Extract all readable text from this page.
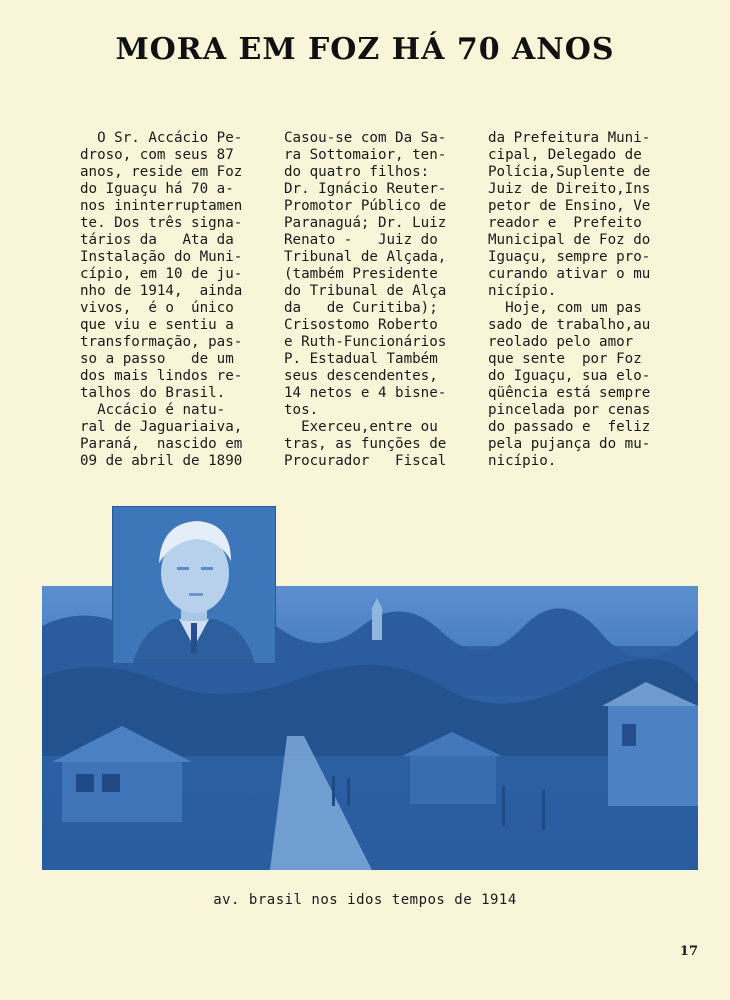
MORA EM FOZ HÁ 70 ANOS
O Sr. Accácio Pe-
droso, com seus 87
anos, reside em Foz
do Iguaçu há 70 a-
nos ininterruptamen
te. Dos três signa-
tários da   Ata da
Instalação do Muni-
cípio, em 10 de ju-
nho de 1914,  ainda
vivos,  é o  único
que viu e sentiu a
transformação, pas-
so a passo   de um
dos mais lindos re-
talhos do Brasil.
Accácio é natu-
ral de Jaguariaiva,
Paraná,  nascido em
09 de abril de 1890
Casou-se com Da Sa-
ra Sottomaior, ten-
do quatro filhos:
Dr. Ignácio Reuter-
Promotor Público de
Paranaguá; Dr. Luiz
Renato -   Juiz do
Tribunal de Alçada,
(também Presidente
do Tribunal de Alça
da   de Curitiba);
Crisostomo Roberto
e Ruth-Funcionários
P. Estadual Também
seus descendentes,
14 netos e 4 bisne-
tos.
Exerceu,entre ou
tras, as funções de
Procurador   Fiscal
da Prefeitura Muni-
cipal, Delegado de
Polícia,Suplente de
Juiz de Direito,Ins
petor de Ensino, Ve
reador e  Prefeito
Municipal de Foz do
Iguaçu, sempre pro-
curando ativar o mu
nicípio.
Hoje, com um pas
sado de trabalho,au
reolado pelo amor
que sente  por Foz
do Iguaçu, sua elo-
qüência está sempre
pincelada por cenas
do passado e  feliz
pela pujança do mu-
nicípio.
av. brasil nos idos tempos de 1914
17
